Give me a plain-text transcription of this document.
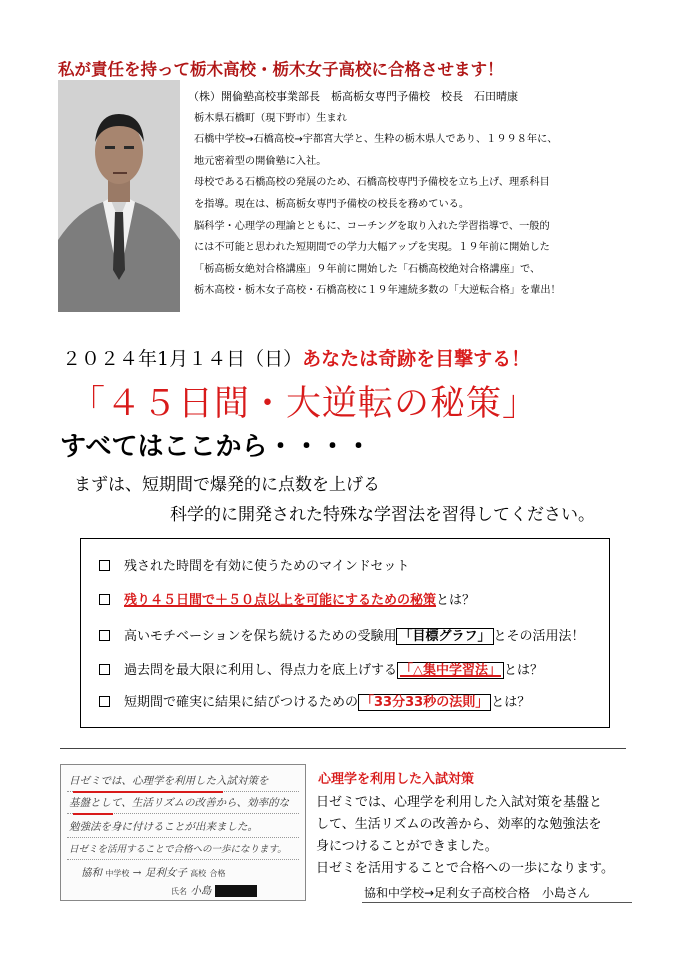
私が責任を持って栃木高校・栃木女子高校に合格させます！
（株）開倫塾高校事業部長　栃高栃女専門予備校　校長　石田晴康
栃木県石橋町（現下野市）生まれ
石橋中学校→石橋高校→宇都宮大学と、生粋の栃木県人であり、１９９８年に、
地元密着型の開倫塾に入社。
母校である石橋高校の発展のため、石橋高校専門予備校を立ち上げ、理系科目
を指導。現在は、栃高栃女専門予備校の校長を務めている。
脳科学・心理学の理論とともに、コーチングを取り入れた学習指導で、一般的
には不可能と思われた短期間での学力大幅アップを実現。１９年前に開始した
「栃高栃女絶対合格講座」９年前に開始した「石橋高校絶対合格講座」で、
栃木高校・栃木女子高校・石橋高校に１９年連続多数の「大逆転合格」を輩出！
２０２４年1月１４日（日）あなたは奇跡を目撃する！
「４５日間・大逆転の秘策」
すべてはここから・・・・
まずは、短期間で爆発的に点数を上げる
科学的に開発された特殊な学習法を習得してください。
残された時間を有効に使うためのマインドセット
残り４５日間で＋５０点以上を可能にするための秘策とは？
高いモチベーションを保ち続けるための受験用 「目標グラフ」 とその活用法！
過去問を最大限に利用し、得点力を底上げする 「△集中学習法」 とは？
短期間で確実に結果に結びつけるための 「33分33秒の法則」 とは？
日ゼミでは、心理学を利用した入試対策を
基盤として、生活リズムの改善から、効率的な
勉強法を身に付けることが出来ました。
日ゼミを活用することで合格への一歩になります。
協和 中学校 → 足利女子 高校 合格
氏名 小島
心理学を利用した入試対策
日ゼミでは、心理学を利用した入試対策を基盤と
して、生活リズムの改善から、効率的な勉強法を
身につけることができました。
日ゼミを活用することで合格への一歩になります。
協和中学校→足利女子高校合格　小島さん
